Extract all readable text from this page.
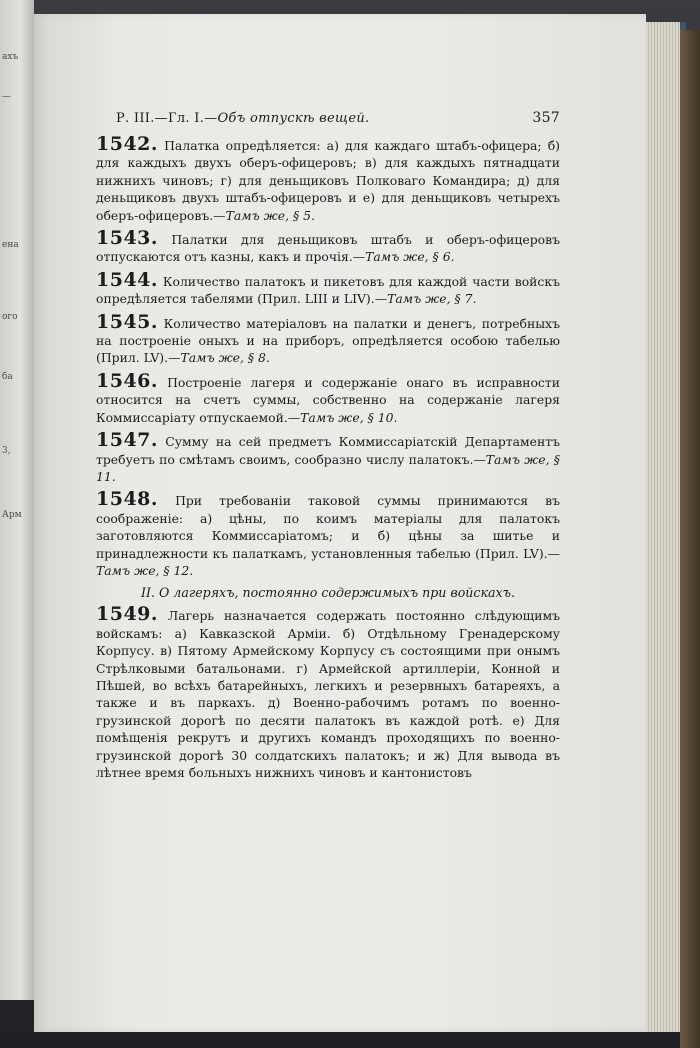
ахъ
—
ена
ого
ба
3,
Арм
Р. III.—Гл. I.—Объ отпускѣ вещей.	357

1542. Палатка опредѣляется: а) для каждаго штабъ-офицера; б) для каждыхъ двухъ оберъ-офицеровъ; в) для каждыхъ пятнадцати нижнихъ чиновъ; г) для деньщиковъ Полковаго Командира; д) для деньщиковъ двухъ штабъ-офицеровъ и е) для деньщиковъ четырехъ оберъ-офицеровъ.—Тамъ же, § 5.

1543. Палатки для деньщиковъ штабъ и оберъ-офицеровъ отпускаются отъ казны, какъ и прочія.—Тамъ же, § 6.

1544. Количество палатокъ и пикетовъ для каждой части войскъ опредѣляется табелями (Прил. LIII и LIV).—Тамъ же, § 7.

1545. Количество матеріаловъ на палатки и денегъ, потребныхъ на построеніе оныхъ и на приборъ, опредѣляется особою табелью (Прил. LV).—Тамъ же, § 8.

1546. Построеніе лагеря и содержаніе онаго въ исправности относится на счетъ суммы, собственно на содержаніе лагеря Коммиссаріату отпускаемой.—Тамъ же, § 10.

1547. Сумму на сей предметъ Коммиссаріатскій Департаментъ требуетъ по смѣтамъ своимъ, сообразно числу палатокъ.—Тамъ же, § 11.

1548. При требованіи таковой суммы принимаются въ соображеніе: а) цѣны, по коимъ матеріалы для палатокъ заготовляются Коммиссаріатомъ; и б) цѣны за шитье и принадлежности къ палаткамъ, установленныя табелью (Прил. LV).—Тамъ же, § 12.

II. О лагеряхъ, постоянно содержимыхъ при войскахъ.

1549. Лагерь назначается содержать постоянно слѣдующимъ войскамъ: а) Кавказской Арміи. б) Отдѣльному Гренадерскому Корпусу. в) Пятому Армейскому Корпусу съ состоящими при онымъ Стрѣлковыми батальонами. г) Армейской артиллеріи, Конной и Пѣшей, во всѣхъ батарейныхъ, легкихъ и резервныхъ батареяхъ, а также и въ паркахъ. д) Военно-рабочимъ ротамъ по военно-грузинской дорогѣ по десяти палатокъ въ каждой ротѣ. е) Для помѣщенія рекрутъ и другихъ командъ проходящихъ по военно-грузинской дорогѣ 30 солдатскихъ палатокъ; и ж) Для вывода въ лѣтнее время больныхъ нижнихъ чиновъ и кантонистовъ
